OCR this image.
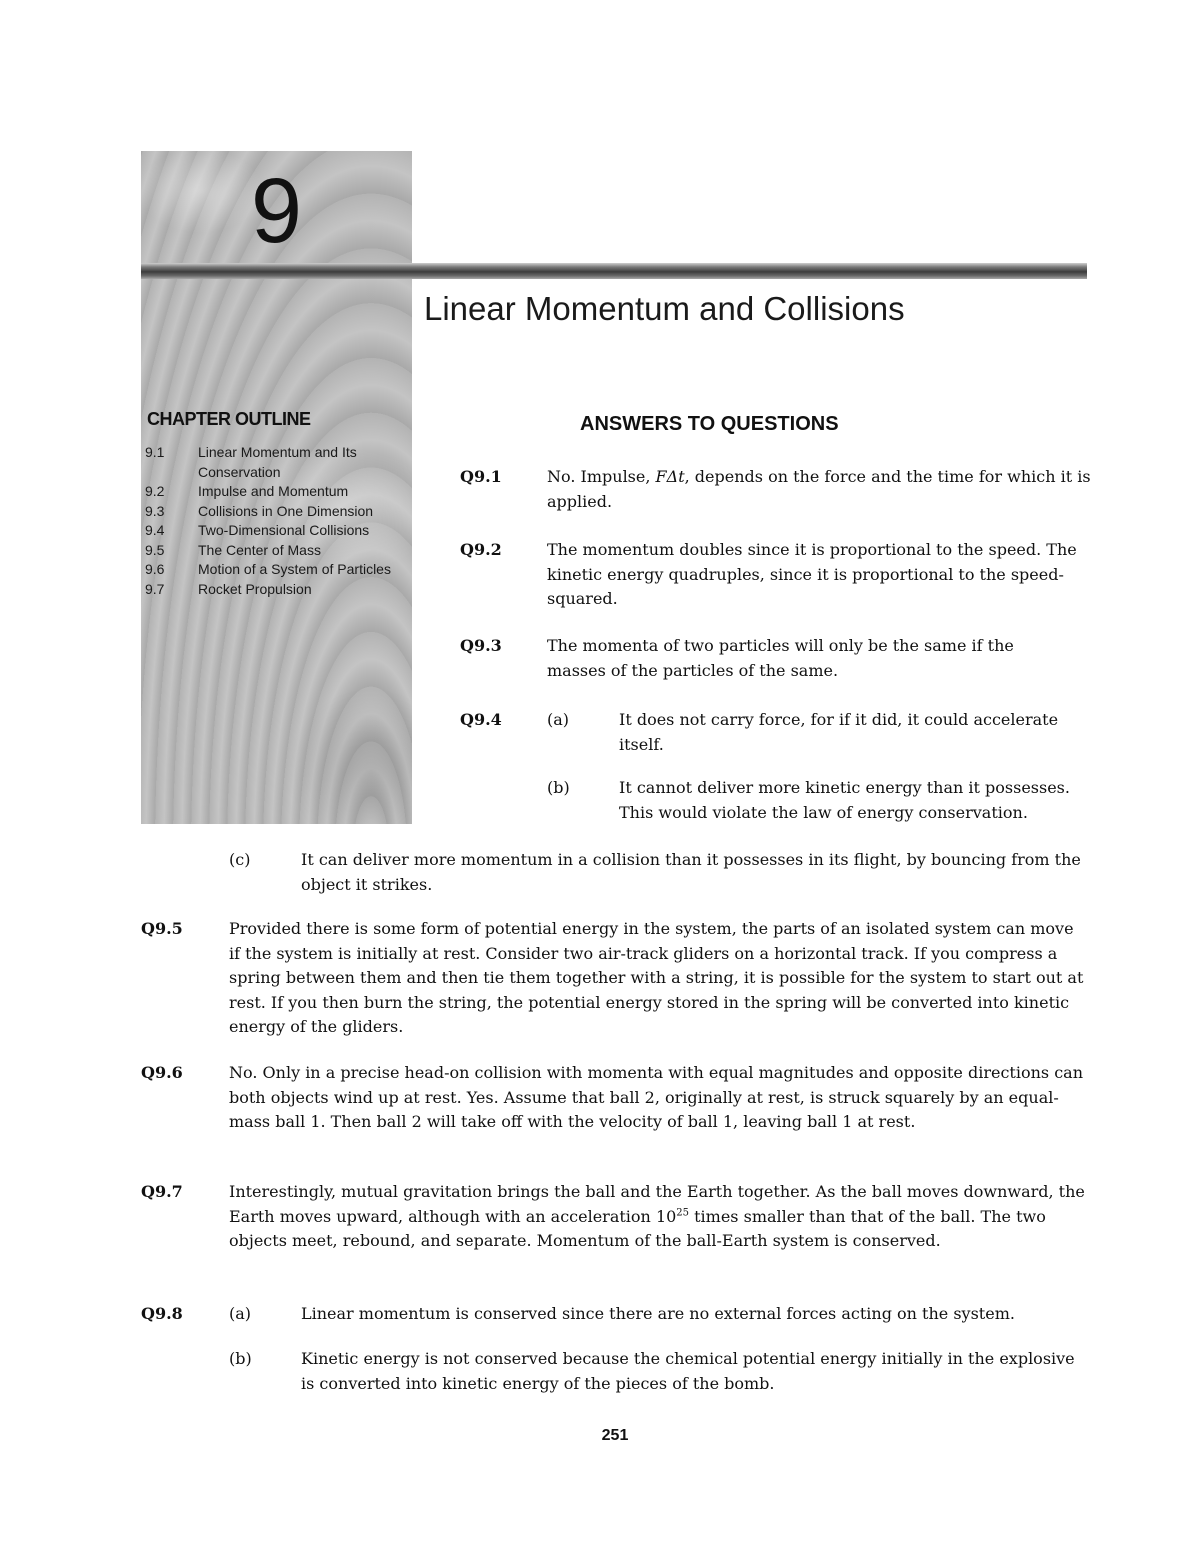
9
CHAPTER OUTLINE
9.1	Linear Momentum and Its Conservation
9.2	Impulse and Momentum
9.3	Collisions in One Dimension
9.4	Two-Dimensional Collisions
9.5	The Center of Mass
9.6	Motion of a System of Particles
9.7	Rocket Propulsion
Linear Momentum and Collisions
ANSWERS TO QUESTIONS
Q9.1	No. Impulse, FΔt, depends on the force and the time for which it is applied.
Q9.2	The momentum doubles since it is proportional to the speed. The kinetic energy quadruples, since it is proportional to the speed-squared.
Q9.3	The momenta of two particles will only be the same if the masses of the particles of the same.
Q9.4	(a)	It does not carry force, for if it did, it could accelerate itself.
(b)	It cannot deliver more kinetic energy than it possesses. This would violate the law of energy conservation.
(c)	It can deliver more momentum in a collision than it possesses in its flight, by bouncing from the object it strikes.
Q9.5	Provided there is some form of potential energy in the system, the parts of an isolated system can move if the system is initially at rest. Consider two air-track gliders on a horizontal track. If you compress a spring between them and then tie them together with a string, it is possible for the system to start out at rest. If you then burn the string, the potential energy stored in the spring will be converted into kinetic energy of the gliders.
Q9.6	No. Only in a precise head-on collision with momenta with equal magnitudes and opposite directions can both objects wind up at rest. Yes. Assume that ball 2, originally at rest, is struck squarely by an equal-mass ball 1. Then ball 2 will take off with the velocity of ball 1, leaving ball 1 at rest.
Q9.7	Interestingly, mutual gravitation brings the ball and the Earth together. As the ball moves downward, the Earth moves upward, although with an acceleration $10^{25}$ times smaller than that of the ball. The two objects meet, rebound, and separate. Momentum of the ball-Earth system is conserved.
Q9.8	(a)	Linear momentum is conserved since there are no external forces acting on the system.
(b)	Kinetic energy is not conserved because the chemical potential energy initially in the explosive is converted into kinetic energy of the pieces of the bomb.
251
